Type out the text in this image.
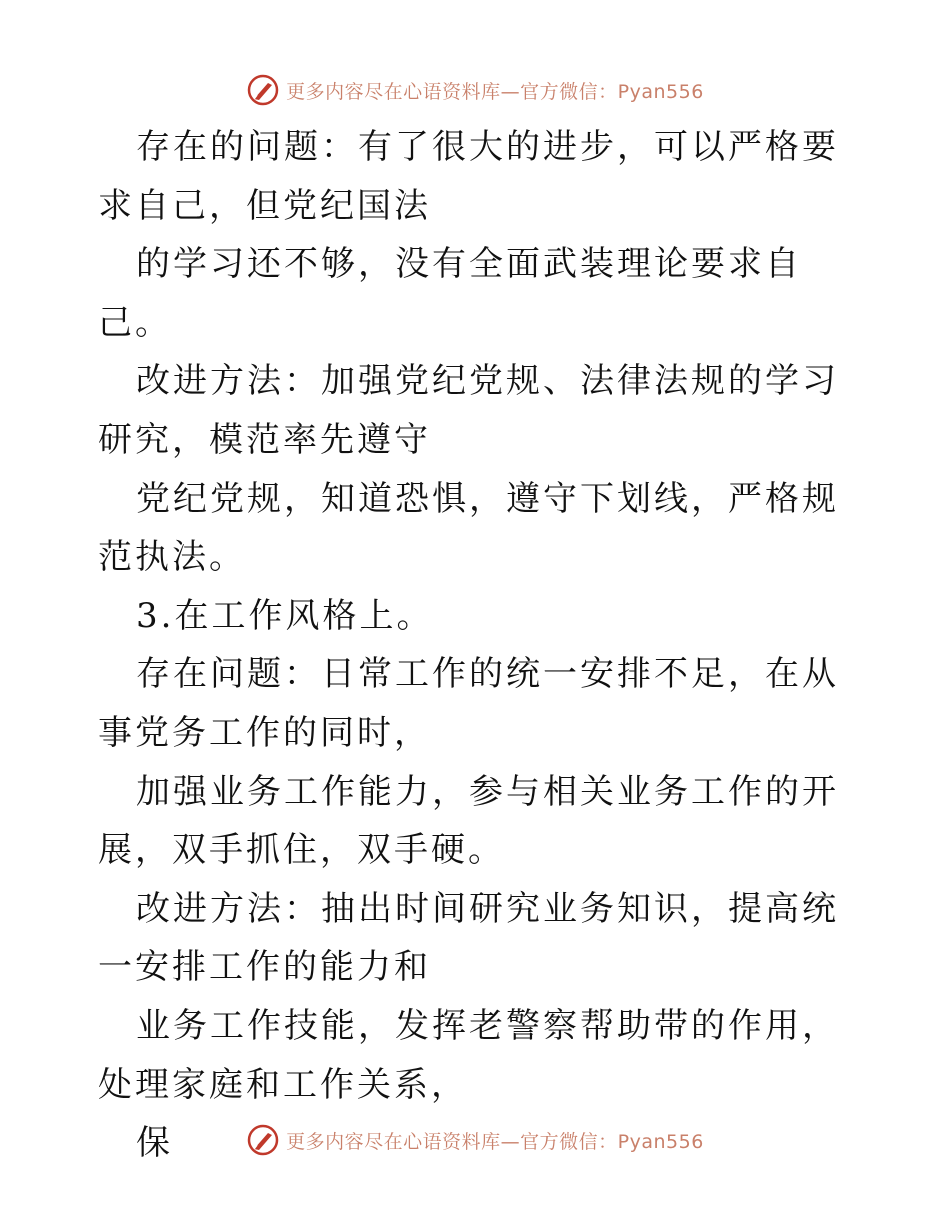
更多内容尽在心语资料库—官方微信：Pyan556

存在的问题：有了很大的进步，可以严格要求自己，但党纪国法

的学习还不够，没有全面武装理论要求自己。

改进方法：加强党纪党规、法律法规的学习研究，模范率先遵守

党纪党规，知道恐惧，遵守下划线，严格规范执法。

3.在工作风格上。

存在问题：日常工作的统一安排不足，在从事党务工作的同时，

加强业务工作能力，参与相关业务工作的开展，双手抓住，双手硬。

改进方法：抽出时间研究业务知识，提高统一安排工作的能力和

业务工作技能，发挥老警察帮助带的作用，处理家庭和工作关系，

保	更多内容尽在心语资料库—官方微信：Pyan556
